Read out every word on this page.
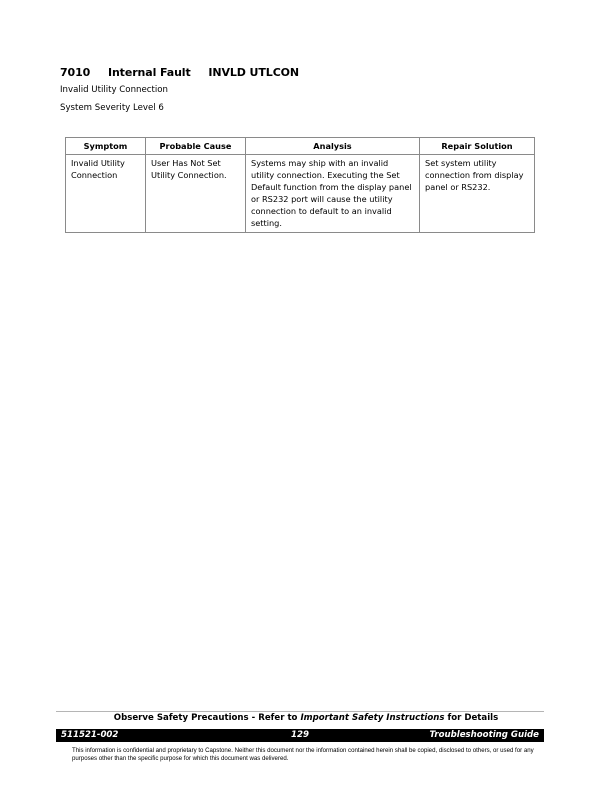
7010 Internal Fault INVLD UTLCON
Invalid Utility Connection
System Severity Level 6
Symptom	Probable Cause	Analysis	Repair Solution
Invalid Utility Connection	User Has Not Set Utility Connection.	Systems may ship with an invalid utility connection. Executing the Set Default function from the display panel or RS232 port will cause the utility connection to default to an invalid setting.	Set system utility connection from display panel or RS232.
Observe Safety Precautions - Refer to Important Safety Instructions for Details
511521-002	129	Troubleshooting Guide
This information is confidential and proprietary to Capstone. Neither this document nor the information contained herein shall be copied, disclosed to others, or used for any purposes other than the specific purpose for which this document was delivered.
